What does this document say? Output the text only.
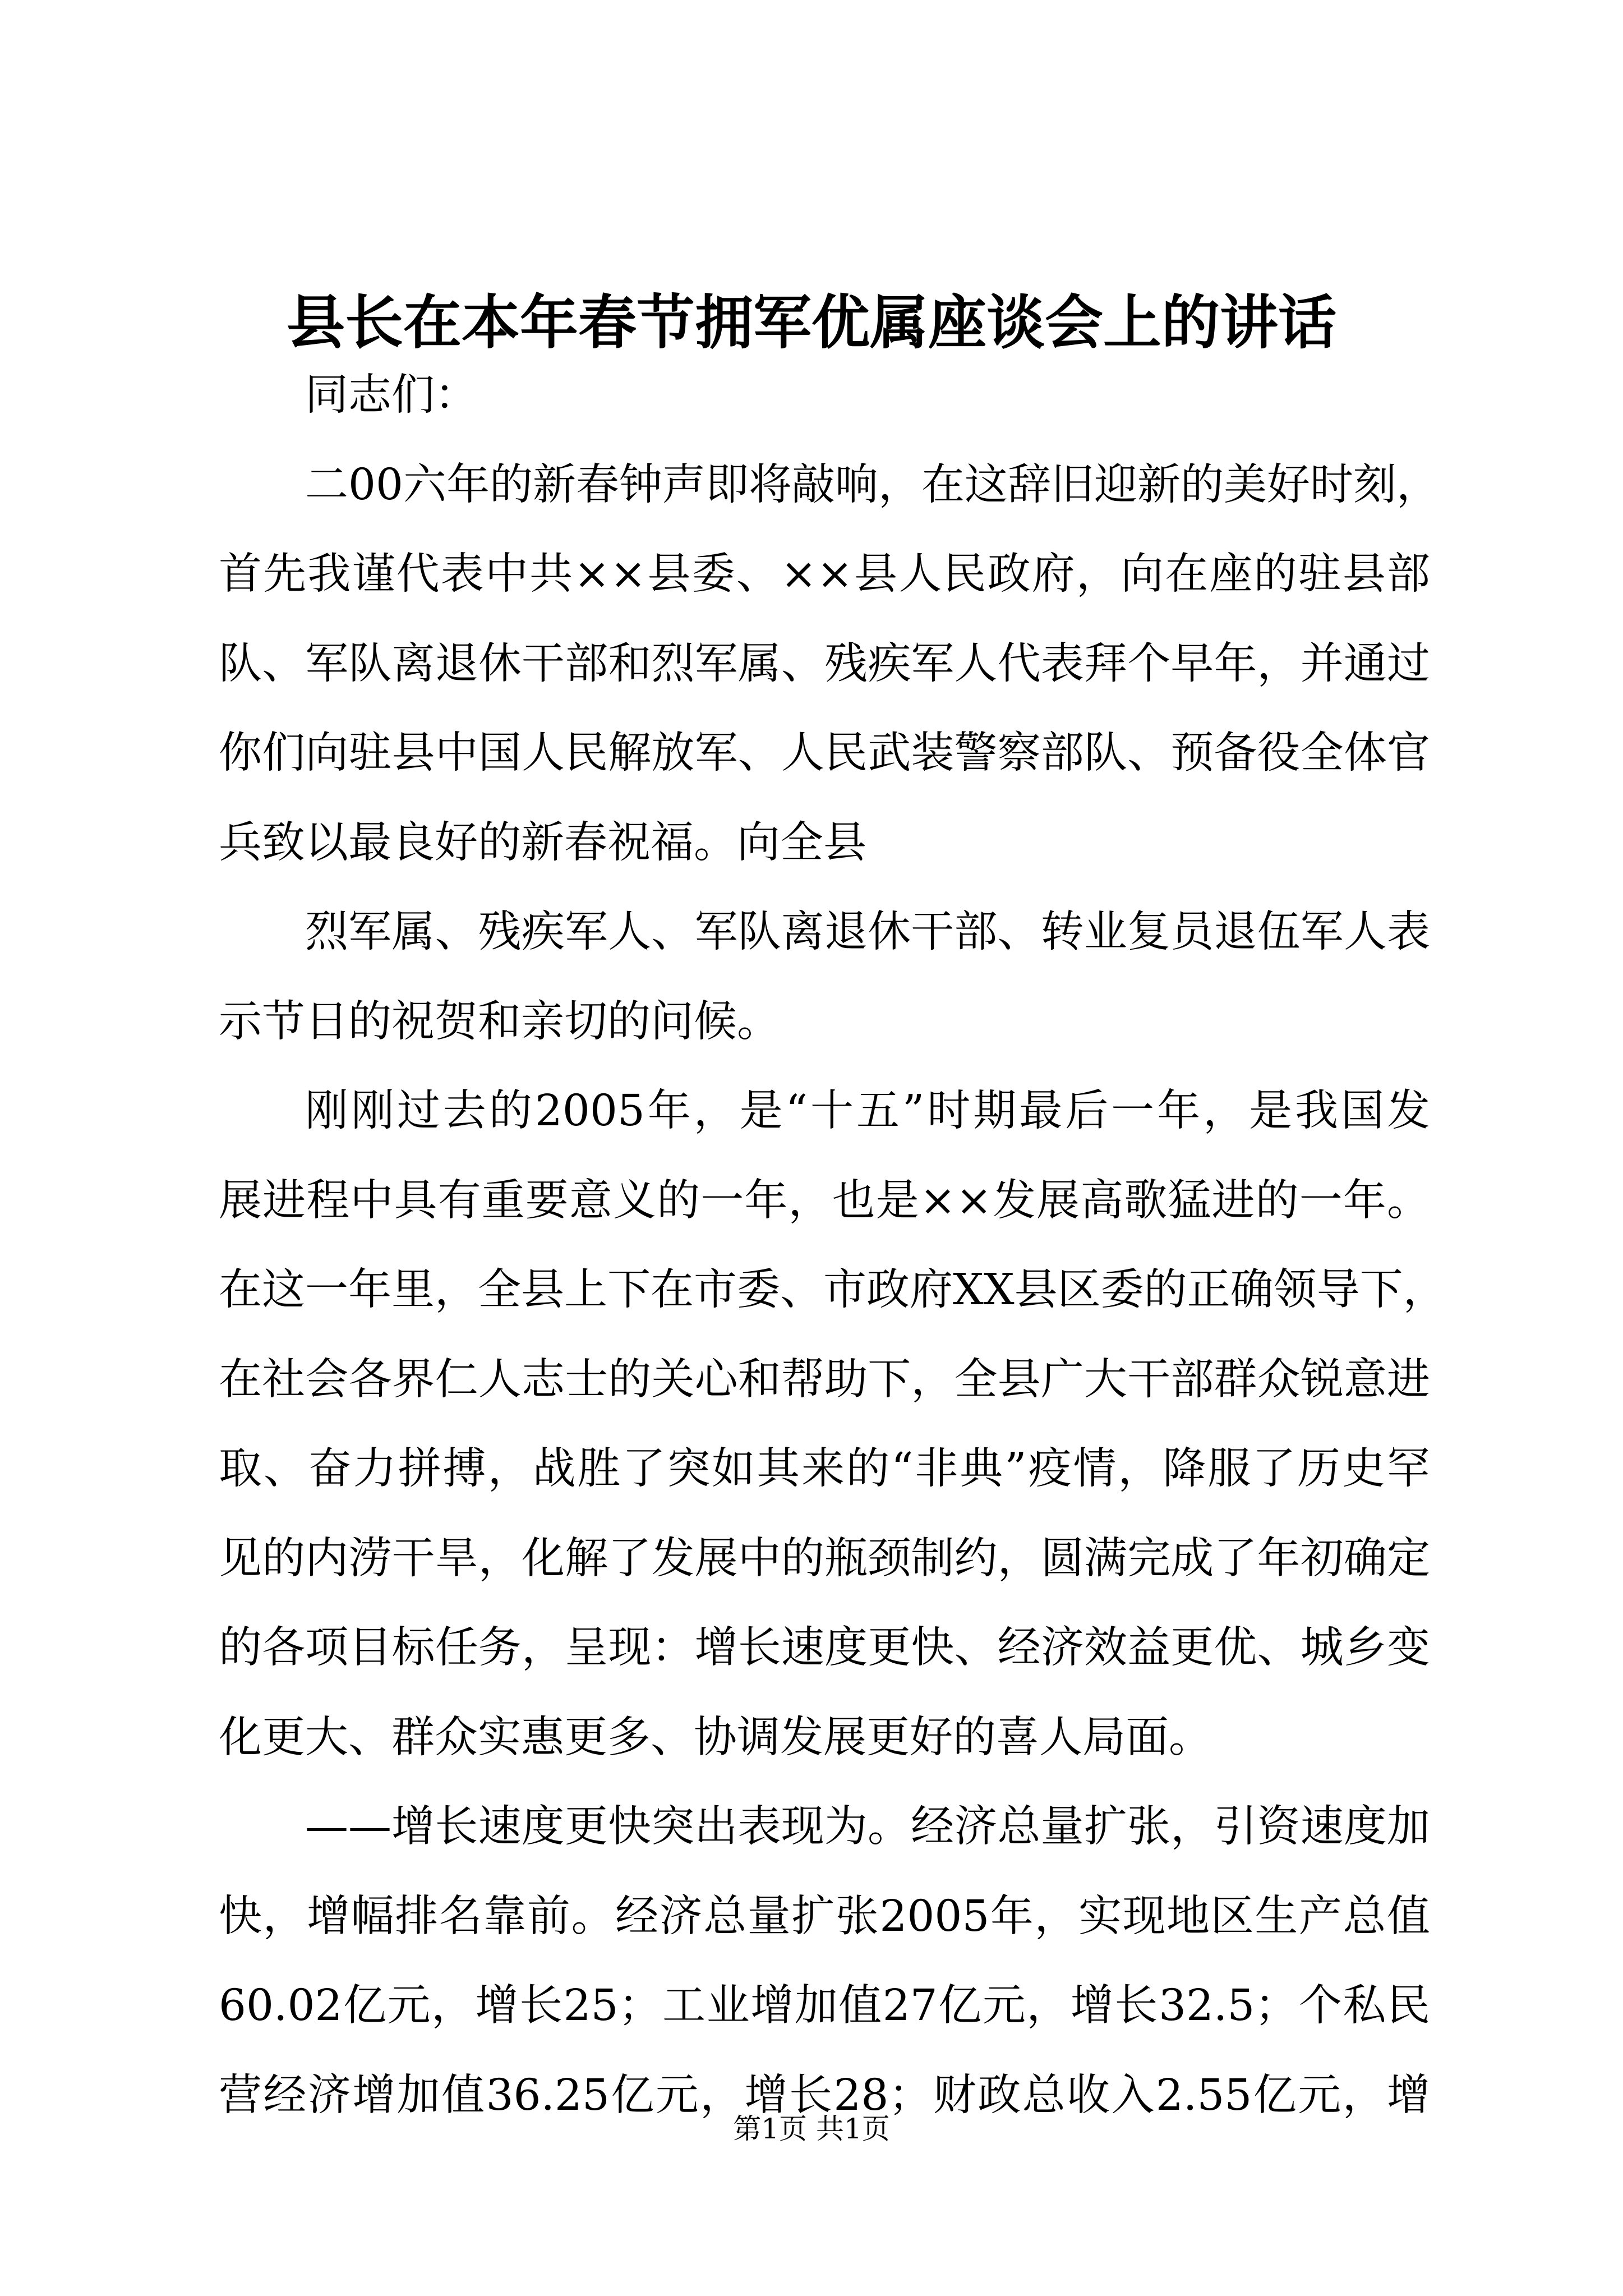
县长在本年春节拥军优属座谈会上的讲话
同志们：
二00六年的新春钟声即将敲响，在这辞旧迎新的美好时刻，
首先我谨代表中共××县委、××县人民政府，向在座的驻县部
队、军队离退休干部和烈军属、残疾军人代表拜个早年，并通过
你们向驻县中国人民解放军、人民武装警察部队、预备役全体官
兵致以最良好的新春祝福。向全县
烈军属、残疾军人、军队离退休干部、转业复员退伍军人表
示节日的祝贺和亲切的问候。
刚刚过去的2005年，是“十五”时期最后一年，是我国发
展进程中具有重要意义的一年，也是××发展高歌猛进的一年。
在这一年里，全县上下在市委、市政府XX县区委的正确领导下，
在社会各界仁人志士的关心和帮助下，全县广大干部群众锐意进
取、奋力拼搏，战胜了突如其来的“非典”疫情，降服了历史罕
见的内涝干旱，化解了发展中的瓶颈制约，圆满完成了年初确定
的各项目标任务，呈现：增长速度更快、经济效益更优、城乡变
化更大、群众实惠更多、协调发展更好的喜人局面。
——增长速度更快突出表现为。经济总量扩张，引资速度加
快，增幅排名靠前。经济总量扩张2005年，实现地区生产总值
60.02亿元，增长25；工业增加值27亿元，增长32.5；个私民
营经济增加值36.25亿元，增长28；财政总收入2.55亿元，增
第1页 共1页
